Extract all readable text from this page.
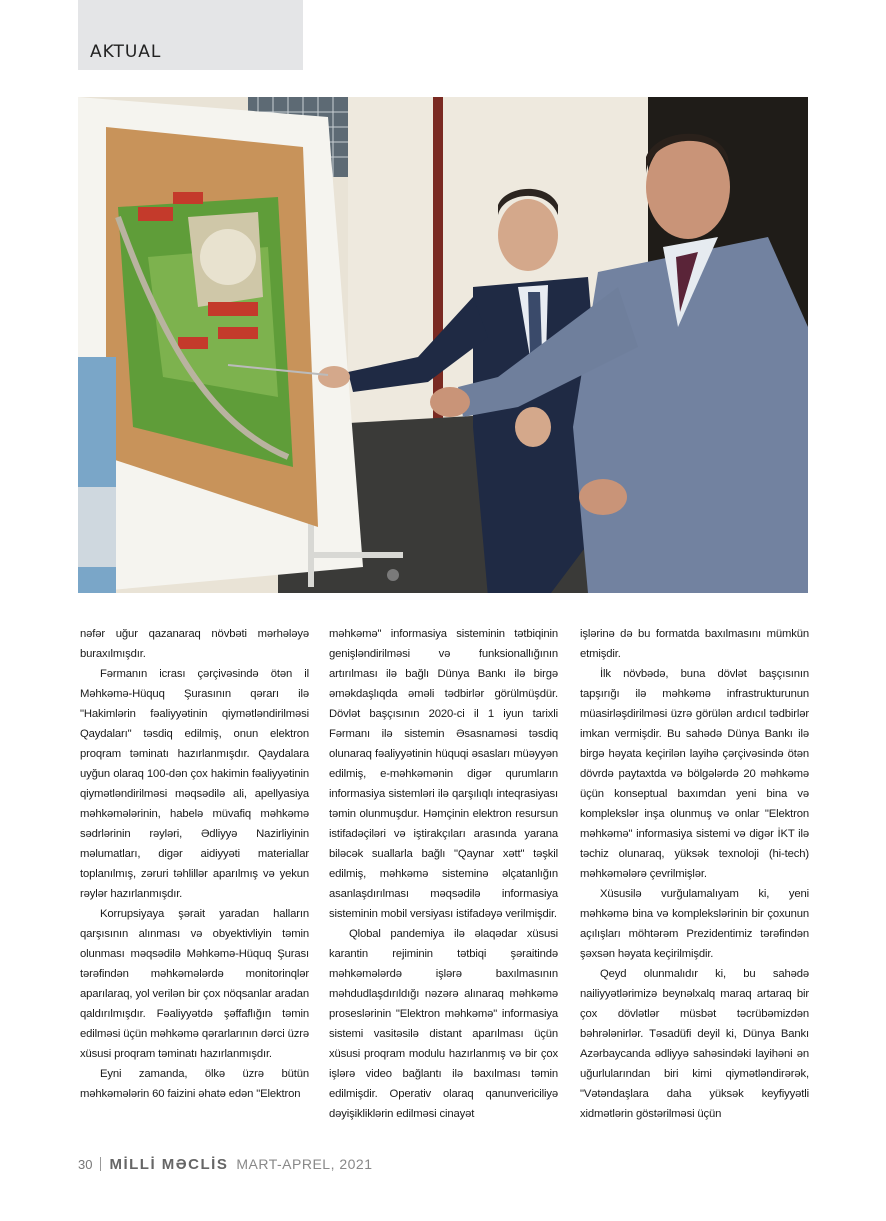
AKTUAL

nəfər uğur qazanaraq növbəti mərhələyə buraxılmışdır.

Fərmanın icrası çərçivəsində ötən il Məhkəmə-Hüquq Şurasının qərarı ilə "Hakimlərin fəaliyyətinin qiymətləndirilməsi Qaydaları" təsdiq edilmiş, onun elektron proqram təminatı hazırlanmışdır. Qaydalara uyğun olaraq 100-dən çox hakimin fəaliyyətinin qiymətləndirilməsi məqsədilə ali, apellyasiya məhkəmələrinin, habelə müvafiq məhkəmə sədrlərinin rəyləri, Ədliyyə Nazirliyinin məlumatları, digər aidiyyəti materiallar toplanılmış, zəruri təhlillər aparılmış və yekun rəylər hazırlanmışdır.

Korrupsiyaya şərait yaradan halların qarşısının alınması və obyektivliyin təmin olunması məqsədilə Məhkəmə-Hüquq Şurası tərəfindən məhkəmələrdə monitorinqlər aparılaraq, yol verilən bir çox nöqsanlar aradan qaldırılmışdır. Fəaliyyətdə şəffaflığın təmin edilməsi üçün məhkəmə qərarlarının dərci üzrə xüsusi proqram təminatı hazırlanmışdır.

Eyni zamanda, ölkə üzrə bütün məhkəmələrin 60 faizini əhatə edən "Elektron

məhkəmə" informasiya sisteminin tətbiqinin genişləndirilməsi və funksionallığının artırılması ilə bağlı Dünya Bankı ilə birgə əməkdaşlıqda əməli tədbirlər görülmüşdür. Dövlət başçısının 2020-ci il 1 iyun tarixli Fərmanı ilə sistemin Əsasnaməsi təsdiq olunaraq fəaliyyətinin hüquqi əsasları müəyyən edilmiş, e-məhkəmənin digər qurumların informasiya sistemləri ilə qarşılıqlı inteqrasiyası təmin olunmuşdur. Həmçinin elektron resursun istifadəçiləri və iştirakçıları arasında yarana biləcək suallarla bağlı "Qaynar xətt" təşkil edilmiş, məhkəmə sisteminə əlçatanlığın asanlaşdırılması məqsədilə informasiya sisteminin mobil versiyası istifadəyə verilmişdir.

Qlobal pandemiya ilə əlaqədar xüsusi karantin rejiminin tətbiqi şəraitində məhkəmələrdə işlərə baxılmasının məhdudlaşdırıldığı nəzərə alınaraq məhkəmə proseslərinin "Elektron məhkəmə" informasiya sistemi vasitəsilə distant aparılması üçün xüsusi proqram modulu hazırlanmış və bir çox işlərə video bağlantı ilə baxılması təmin edilmişdir. Operativ olaraq qanunvericiliyə dəyişikliklərin edilməsi cinayət

işlərinə də bu formatda baxılmasını mümkün etmişdir.

İlk növbədə, buna dövlət başçısının tapşırığı ilə məhkəmə infrastrukturunun müasirləşdirilməsi üzrə görülən ardıcıl tədbirlər imkan vermişdir. Bu sahədə Dünya Bankı ilə birgə həyata keçirilən layihə çərçivəsində ötən dövrdə paytaxtda və bölgələrdə 20 məhkəmə üçün konseptual baxımdan yeni bina və komplekslər inşa olunmuş və onlar "Elektron məhkəmə" informasiya sistemi və digər İKT ilə təchiz olunaraq, yüksək texnoloji (hi-tech) məhkəmələrə çevrilmişlər.

Xüsusilə vurğulamalıyam ki, yeni məhkəmə bina və komplekslərinin bir çoxunun açılışları möhtərəm Prezidentimiz tərəfindən şəxsən həyata keçirilmişdir.

Qeyd olunmalıdır ki, bu sahədə nailiyyətlərimizə beynəlxalq maraq artaraq bir çox dövlətlər müsbət təcrübəmizdən bəhrələnirlər. Təsadüfi deyil ki, Dünya Bankı Azərbaycanda ədliyyə sahəsindəki layihəni ən uğurlularından biri kimi qiymətləndirərək, "Vətəndaşlara daha yüksək keyfiyyətli xidmətlərin göstərilməsi üçün

30 MİLLİ MƏCLİS MART-APREL, 2021
